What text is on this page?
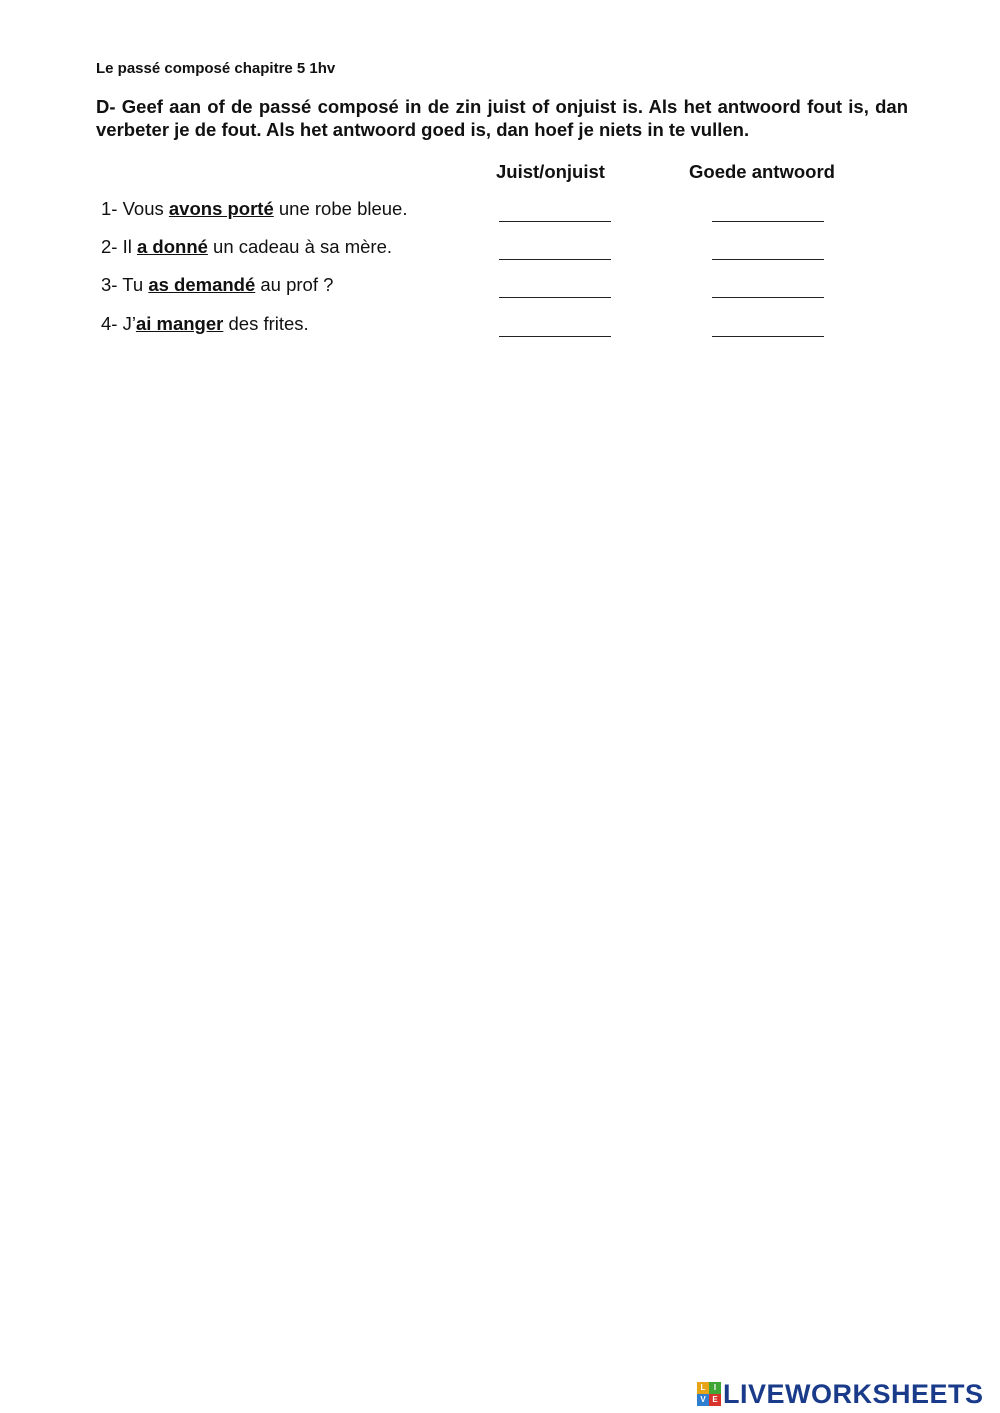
Le passé composé chapitre 5 1hv
D- Geef aan of de passé composé in de zin juist of onjuist is. Als het antwoord fout is, dan verbeter je de fout. Als het antwoord goed is, dan hoef je niets in te vullen.
Juist/onjuist	Goede antwoord
1- Vous avons porté une robe bleue.
2- Il a donné un cadeau à sa mère.
3- Tu as demandé au prof ?
4- J’ai manger des frites.
L	I
V E LIVEWORKSHEETS
